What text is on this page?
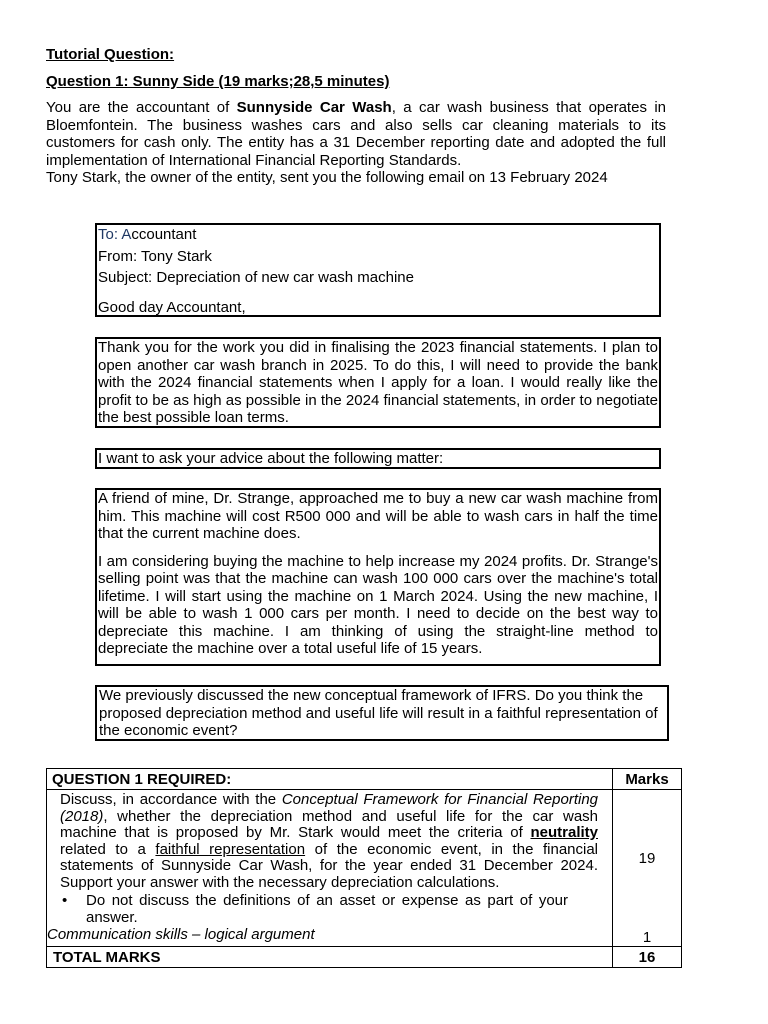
Tutorial Question:
Question 1: Sunny Side (19 marks;28,5 minutes)
You are the accountant of Sunnyside Car Wash, a car wash business that operates in Bloemfontein. The business washes cars and also sells car cleaning materials to its customers for cash only. The entity has a 31 December reporting date and adopted the full implementation of International Financial Reporting Standards.
Tony Stark, the owner of the entity, sent you the following email on 13 February 2024

To: Accountant

From: Tony Stark

Subject: Depreciation of new car wash machine

Good day Accountant,

Thank you for the work you did in finalising the 2023 financial statements. I plan to open another car wash branch in 2025. To do this, I will need to provide the bank with the 2024 financial statements when I apply for a loan. I would really like the profit to be as high as possible in the 2024 financial statements, in order to negotiate the best possible loan terms.
I want to ask your advice about the following matter:

A friend of mine, Dr. Strange, approached me to buy a new car wash machine from him. This machine will cost R500 000 and will be able to wash cars in half the time that the current machine does.

I am considering buying the machine to help increase my 2024 profits. Dr. Strange's selling point was that the machine can wash 100 000 cars over the machine's total lifetime. I will start using the machine on 1 March 2024. Using the new machine, I will be able to wash 1 000 cars per month. I need to decide on the best way to depreciate this machine. I am thinking of using the straight-line method to depreciate the machine over a total useful life of 15 years.

We previously discussed the new conceptual framework of IFRS. Do you think the proposed depreciation method and useful life will result in a faithful representation of the economic event?
QUESTION 1 REQUIRED:	Marks

Discuss, in accordance with the Conceptual Framework for Financial Reporting (2018), whether the depreciation method and useful life for the car wash machine that is proposed by Mr. Stark would meet the criteria of neutrality related to a faithful representation of the economic event, in the financial statements of Sunnyside Car Wash, for the year ended 31 December 2024. Support your answer with the necessary depreciation calculations.
• Do not discuss the definitions of an asset or expense as part of your answer.	19
Communication skills – logical argument	1
TOTAL MARKS	16
